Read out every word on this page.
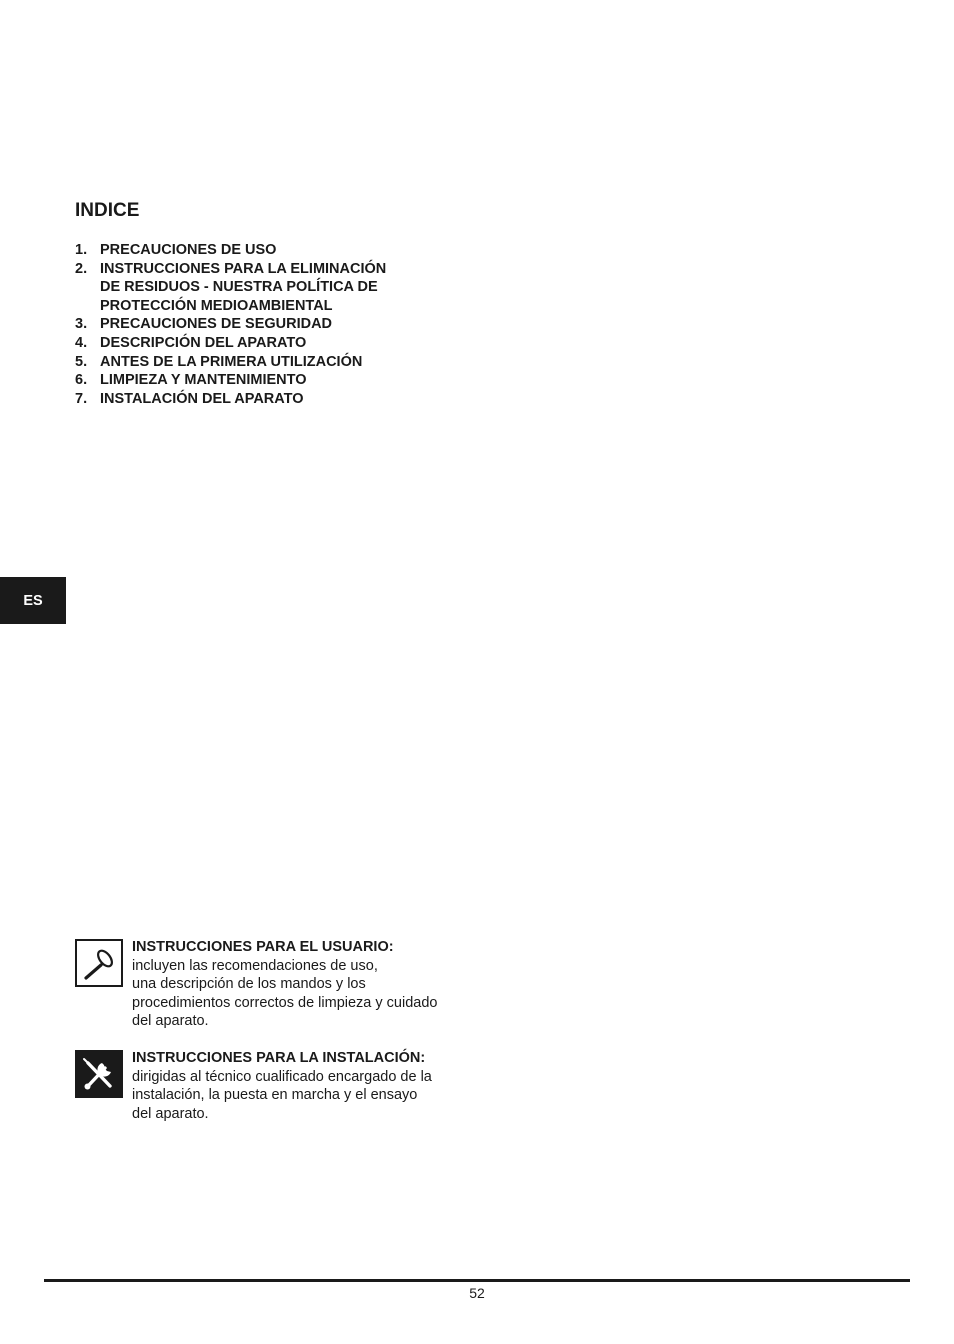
INDICE
1. PRECAUCIONES DE USO
2. INSTRUCCIONES PARA LA ELIMINACIÓN
DE RESIDUOS - NUESTRA POLÍTICA DE
PROTECCIÓN MEDIOAMBIENTAL
3. PRECAUCIONES DE SEGURIDAD
4. DESCRIPCIÓN DEL APARATO
5. ANTES DE LA PRIMERA UTILIZACIÓN
6. LIMPIEZA Y MANTENIMIENTO
7. INSTALACIÓN DEL APARATO
ES
INSTRUCCIONES PARA EL USUARIO:
incluyen las recomendaciones de uso,
una descripción de los mandos y los
procedimientos correctos de limpieza y cuidado
del aparato.
INSTRUCCIONES PARA LA INSTALACIÓN:
dirigidas al técnico cualificado encargado de la
instalación, la puesta en marcha y el ensayo
del aparato.
52
